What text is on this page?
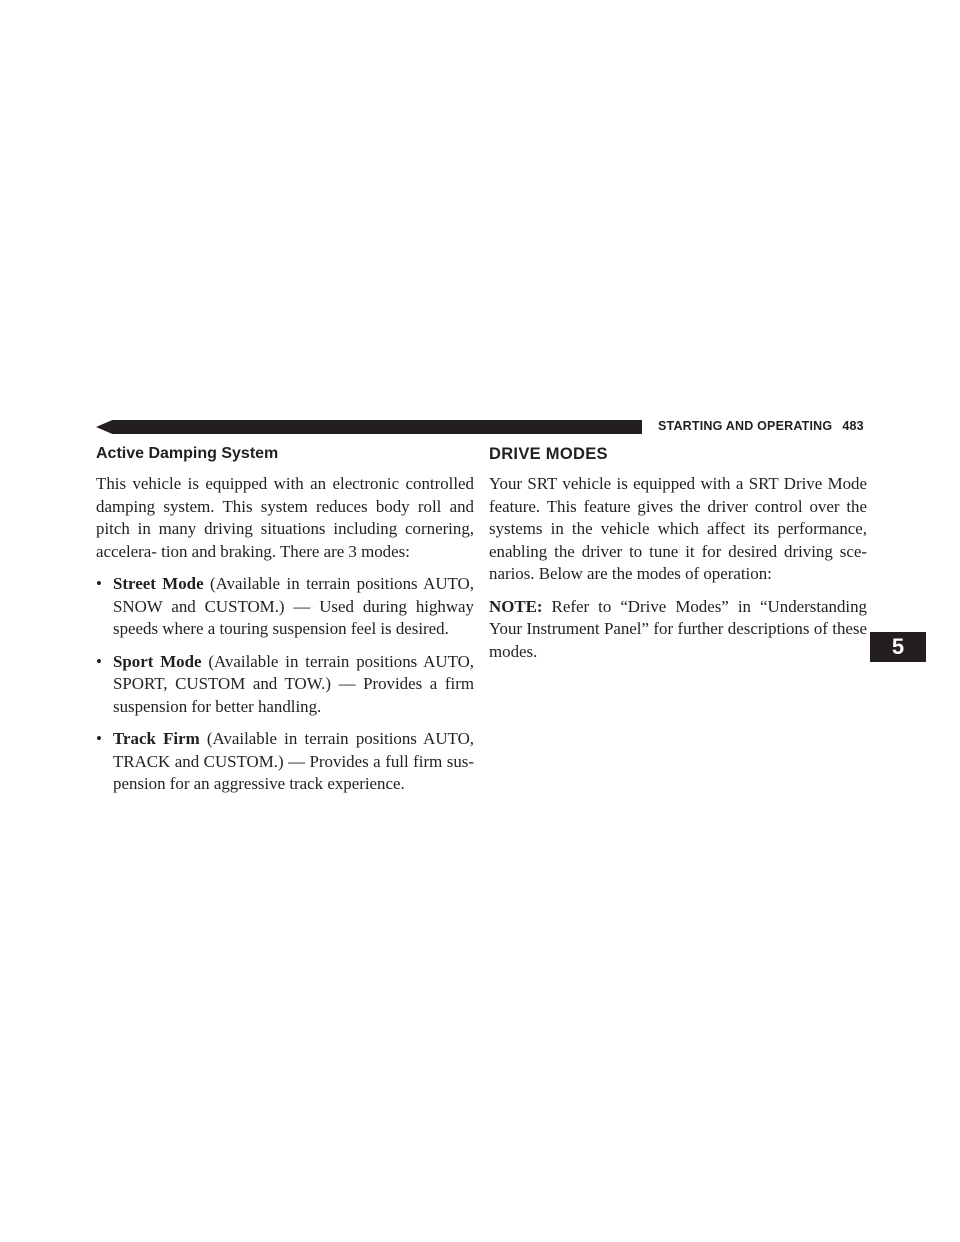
STARTING AND OPERATING 483
5
Active Damping System

This vehicle is equipped with an electronic controlled damping system. This system reduces body roll and pitch in many driving situations including cornering, accelera- tion and braking. There are 3 modes:

• Street Mode (Available in terrain positions AUTO, SNOW and CUSTOM.) — Used during highway speeds where a touring suspension feel is desired.
• Sport Mode (Available in terrain positions AUTO, SPORT, CUSTOM and TOW.) — Provides a firm suspension for better handling.
• Track Firm (Available in terrain positions AUTO, TRACK and CUSTOM.) — Provides a full firm sus- pension for an aggressive track experience.
DRIVE MODES

Your SRT vehicle is equipped with a SRT Drive Mode feature. This feature gives the driver control over the systems in the vehicle which affect its performance, enabling the driver to tune it for desired driving sce- narios. Below are the modes of operation:

NOTE: Refer to “Drive Modes” in “Understanding Your Instrument Panel” for further descriptions of these modes.
